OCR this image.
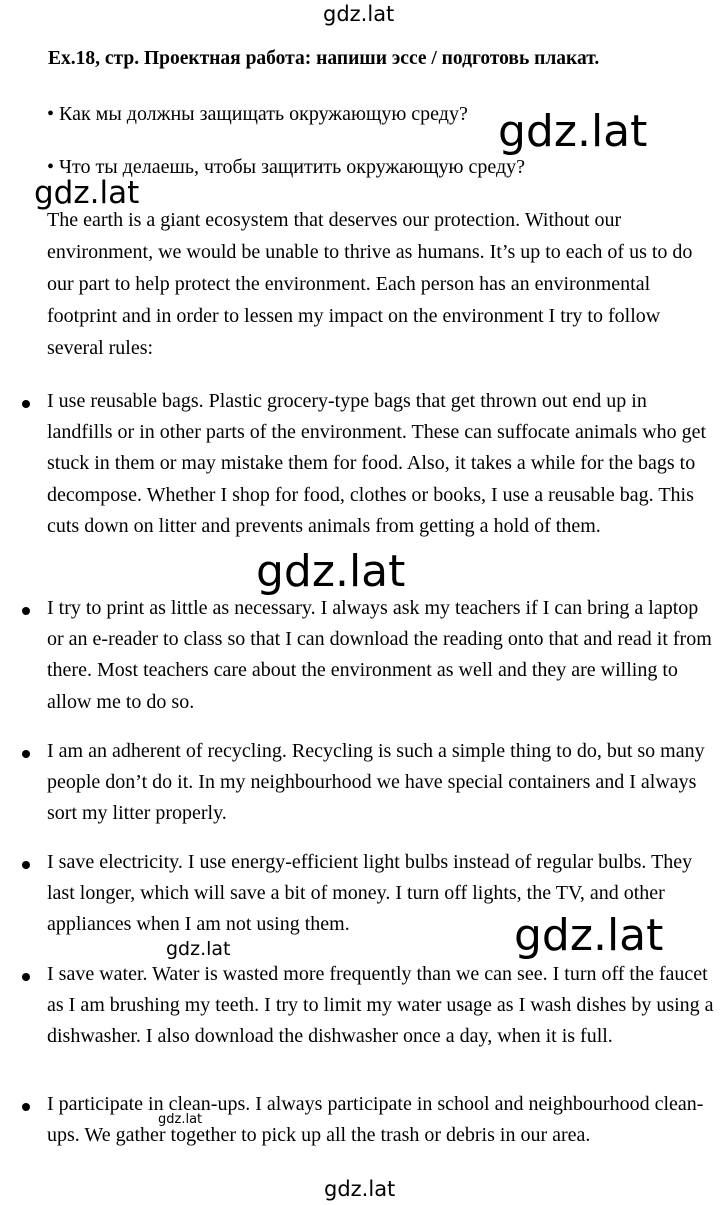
gdz.lat
Ex.18, стр. Проектная работа: напиши эссе / подготовь плакат.

• Как мы должны защищать окружающую среду?

• Что ты делаешь, чтобы защитить окружающую среду?

gdz.lat
gdz.lat

The earth is a giant ecosystem that deserves our protection. Without our environment, we would be unable to thrive as humans. It’s up to each of us to do our part to help protect the environment. Each person has an environmental footprint and in order to lessen my impact on the environment I try to follow several rules:

I use reusable bags. Plastic grocery-type bags that get thrown out end up in landfills or in other parts of the environment. These can suffocate animals who get stuck in them or may mistake them for food. Also, it takes a while for the bags to decompose. Whether I shop for food, clothes or books, I use a reusable bag. This cuts down on litter and prevents animals from getting a hold of them.

gdz.lat

I try to print as little as necessary. I always ask my teachers if I can bring a laptop or an e-reader to class so that I can download the reading onto that and read it from there. Most teachers care about the environment as well and they are willing to allow me to do so.

I am an adherent of recycling. Recycling is such a simple thing to do, but so many people don’t do it. In my neighbourhood we have special containers and I always sort my litter properly.

I save electricity. I use energy-efficient light bulbs instead of regular bulbs. They last longer, which will save a bit of money. I turn off lights, the TV, and other appliances when I am not using them.	gdz.lat
gdz.lat

I save water. Water is wasted more frequently than we can see. I turn off the faucet as I am brushing my teeth. I try to limit my water usage as I wash dishes by using a dishwasher. I also download the dishwasher once a day, when it is full.

I participate in clean-ups. I always participate in school and neighbourhood clean-ups. We gather together to pick up all the trash or debris in our area.

gdz.lat
gdz.lat
